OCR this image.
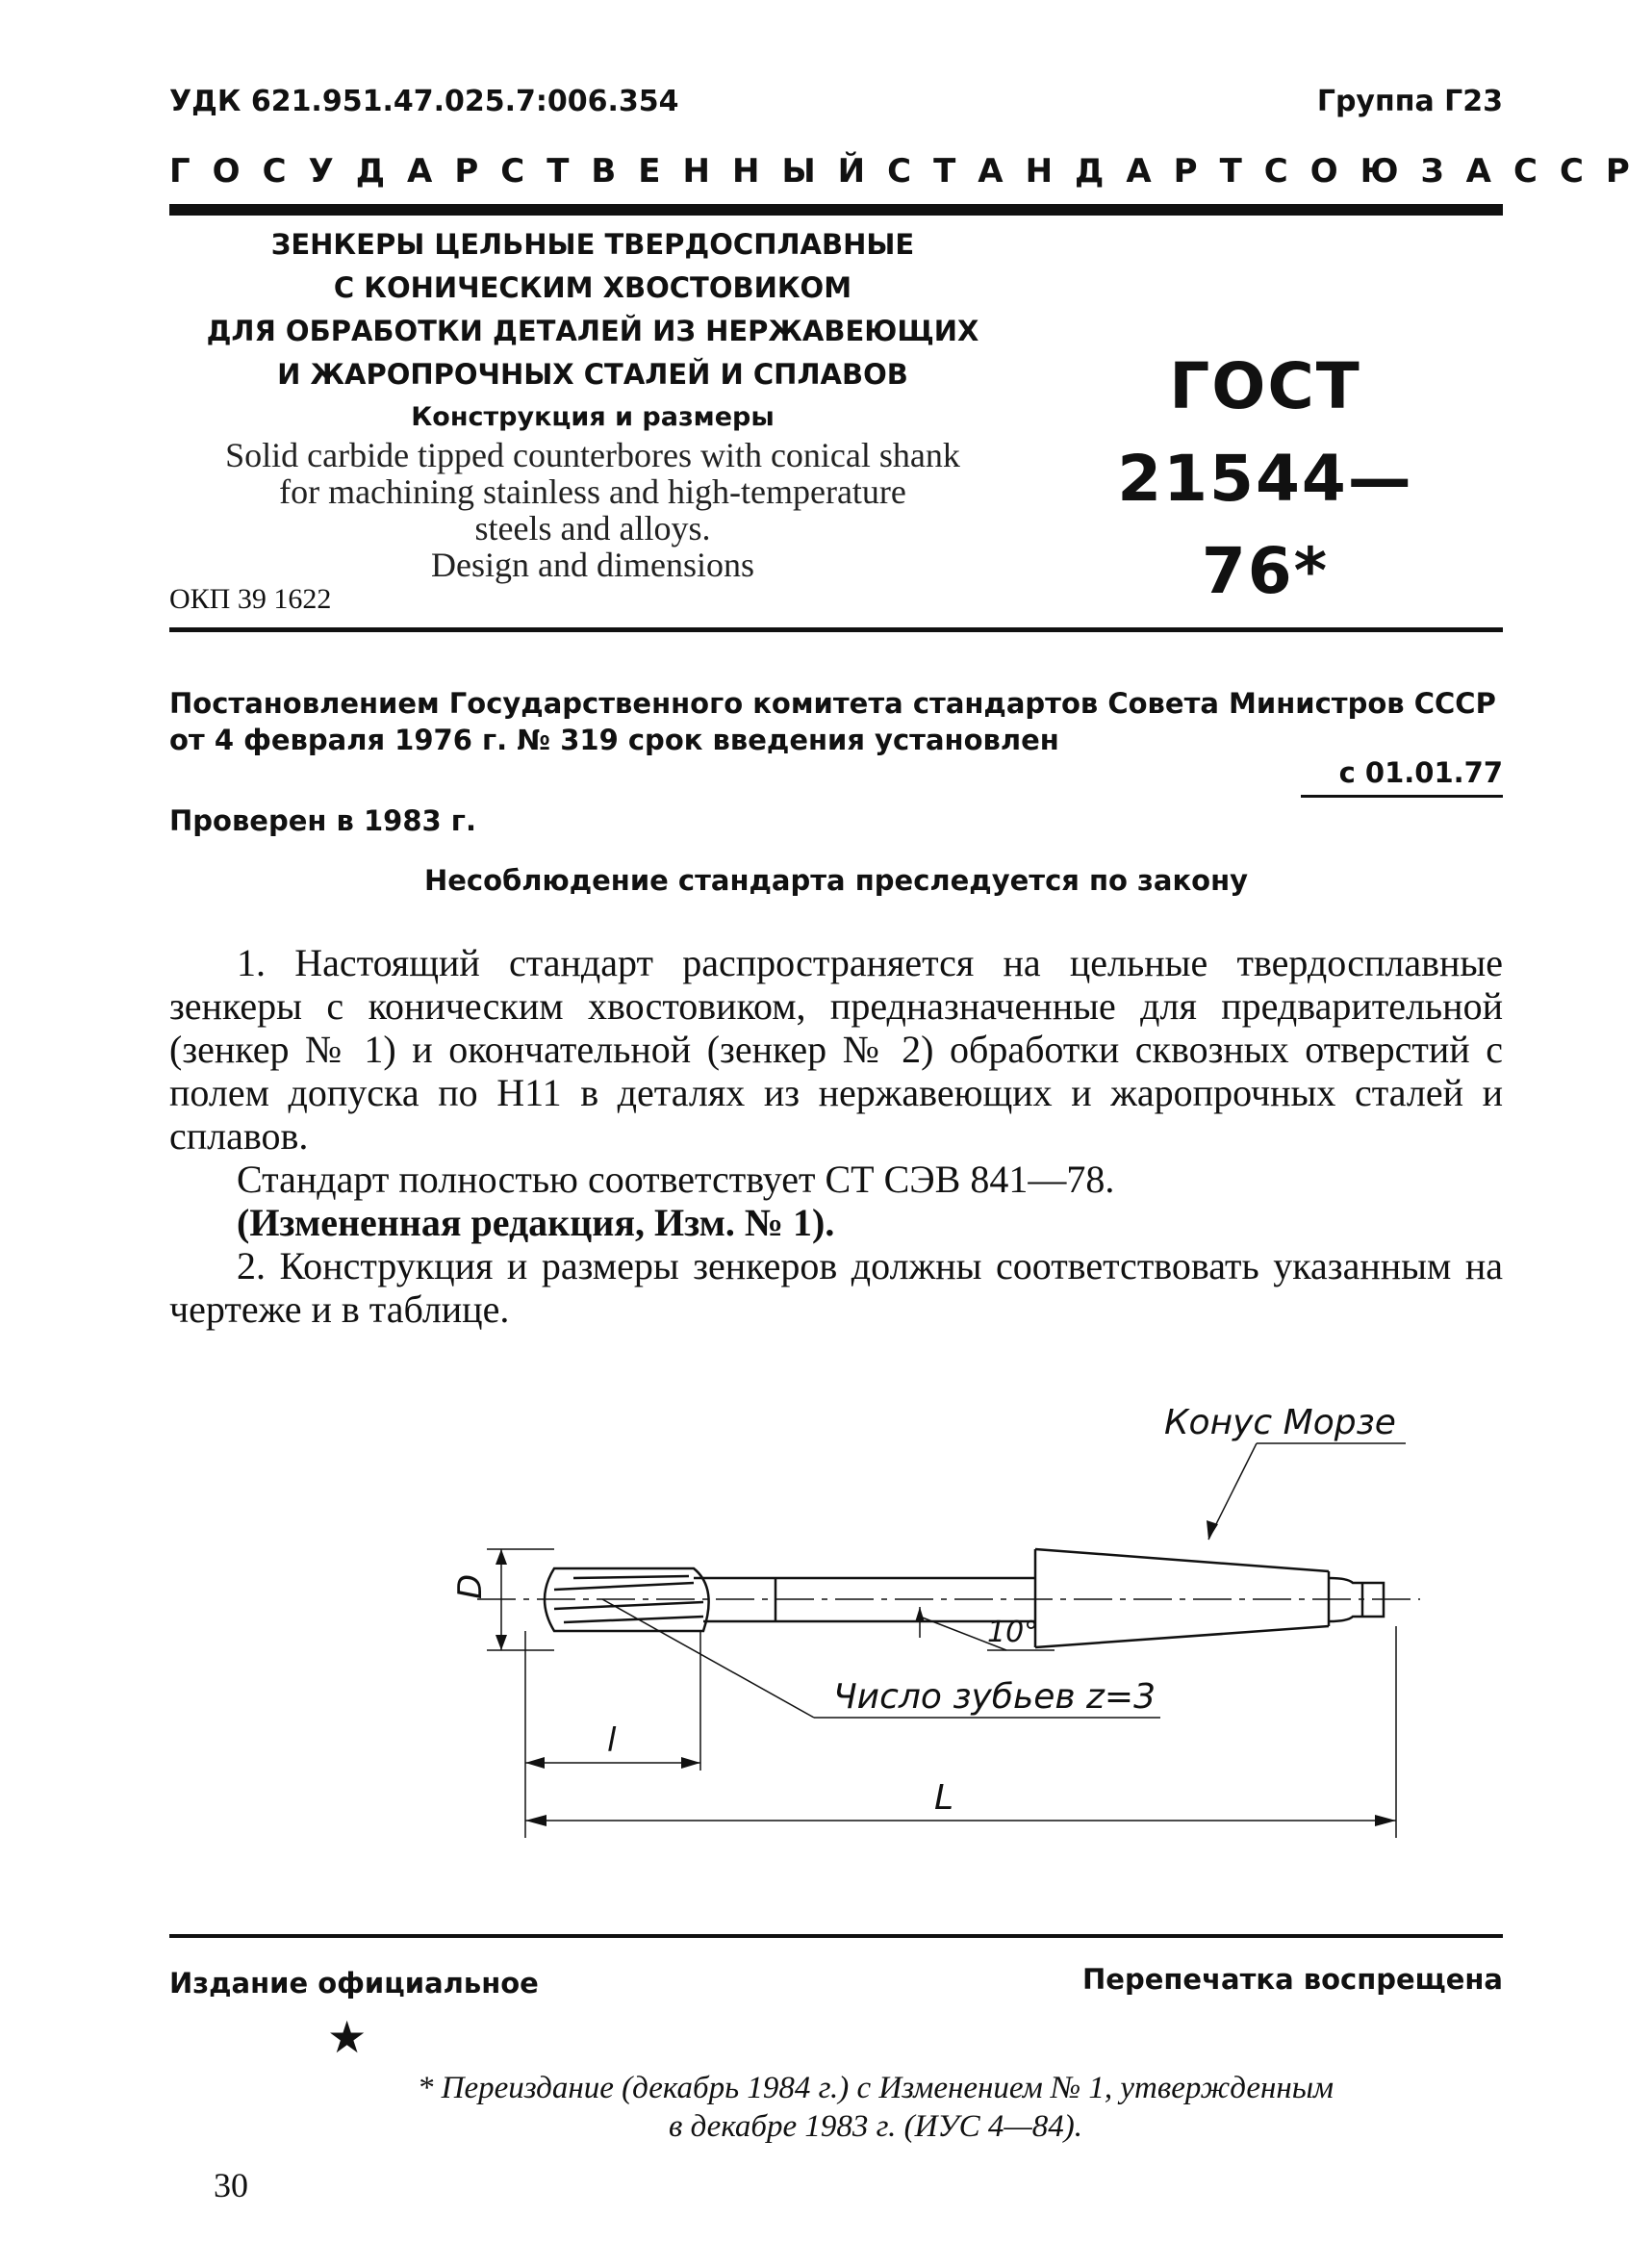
УДК 621.951.47.025.7:006.354	Группа Г23
ГОСУДАРСТВЕННЫЙ СТАНДАРТ СОЮЗА ССР
ЗЕНКЕРЫ ЦЕЛЬНЫЕ ТВЕРДОСПЛАВНЫЕ
С КОНИЧЕСКИМ ХВОСТОВИКОМ
ДЛЯ ОБРАБОТКИ ДЕТАЛЕЙ ИЗ НЕРЖАВЕЮЩИХ
И ЖАРОПРОЧНЫХ СТАЛЕЙ И СПЛАВОВ
Конструкция и размеры
Solid carbide tipped counterbores with conical shank
for machining stainless and high-temperature
steels and alloys.
Design and dimensions
ОКП 39 1622
ГОСТ
21544—76*
Постановлением Государственного комитета стандартов Совета Министров СССР
от 4 февраля 1976 г. № 319 срок введения установлен
с 01.01.77
Проверен в 1983 г.
Несоблюдение стандарта преследуется по закону

1. Настоящий стандарт распространяется на цельные твердосплавные зенкеры с коническим хвостовиком, предназначенные для предварительной (зенкер № 1) и окончательной (зенкер № 2) обработки сквозных отверстий с полем допуска по H11 в деталях из нержавеющих и жаропрочных сталей и сплавов.

Стандарт полностью соответствует СТ СЭВ 841—78.

(Измененная редакция, Изм. № 1).

2. Конструкция и размеры зенкеров должны соответствовать указанным на чертеже и в таблице.

Конус Морзе
10°
Число зубьев z=3
D
l
L
Издание официальное	Перепечатка воспрещена
★
* Переиздание (декабрь 1984 г.) с Изменением № 1, утвержденным
в декабре 1983 г. (ИУС 4—84).
30
